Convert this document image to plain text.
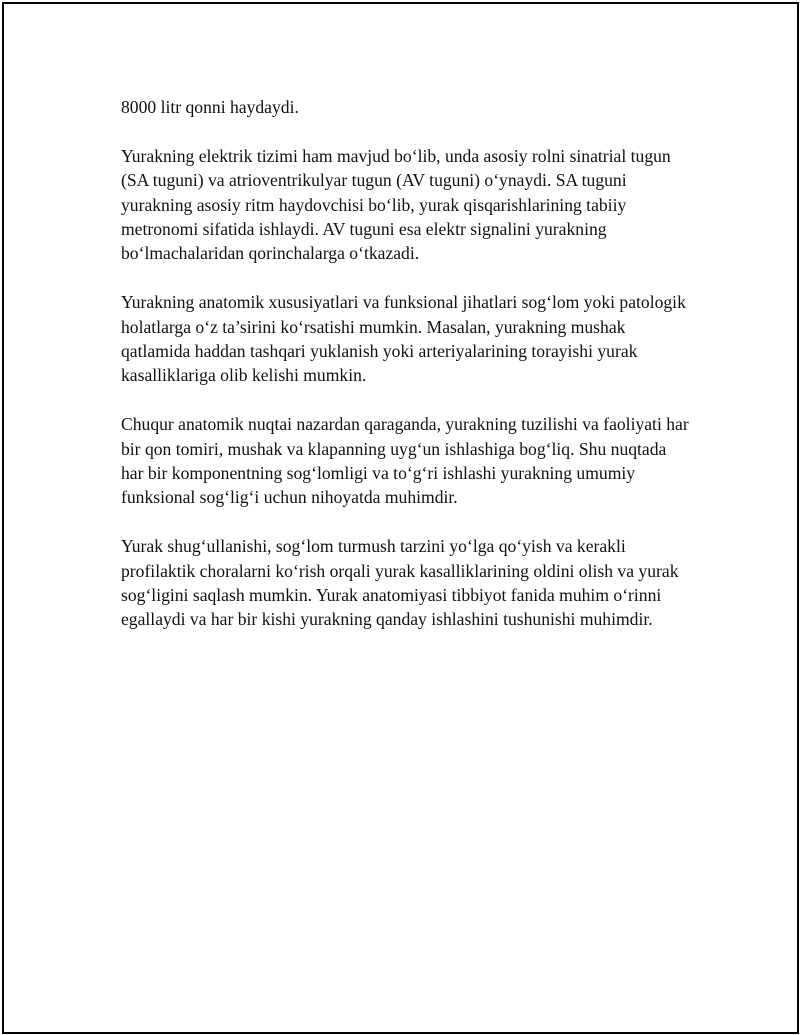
8000 litr qonni haydaydi.

Yurakning elektrik tizimi ham mavjud bo‘lib, unda asosiy rolni sinatrial tugun (SA tuguni) va atrioventrikulyar tugun (AV tuguni) o‘ynaydi. SA tuguni yurakning asosiy ritm haydovchisi bo‘lib, yurak qisqarishlarining tabiiy metronomi sifatida ishlaydi. AV tuguni esa elektr signalini yurakning bo‘lmachalaridan qorinchalarga o‘tkazadi.

Yurakning anatomik xususiyatlari va funksional jihatlari sog‘lom yoki patologik holatlarga o‘z ta’sirini ko‘rsatishi mumkin. Masalan, yurakning mushak qatlamida haddan tashqari yuklanish yoki arteriyalarining torayishi yurak kasalliklariga olib kelishi mumkin.

Chuqur anatomik nuqtai nazardan qaraganda, yurakning tuzilishi va faoliyati har bir qon tomiri, mushak va klapanning uyg‘un ishlashiga bog‘liq. Shu nuqtada har bir komponentning sog‘lomligi va to‘g‘ri ishlashi yurakning umumiy funksional sog‘lig‘i uchun nihoyatda muhimdir.

Yurak shug‘ullanishi, sog‘lom turmush tarzini yo‘lga qo‘yish va kerakli profilaktik choralarni ko‘rish orqali yurak kasalliklarining oldini olish va yurak sog‘ligini saqlash mumkin. Yurak anatomiyasi tibbiyot fanida muhim o‘rinni egallaydi va har bir kishi yurakning qanday ishlashini tushunishi muhimdir.
